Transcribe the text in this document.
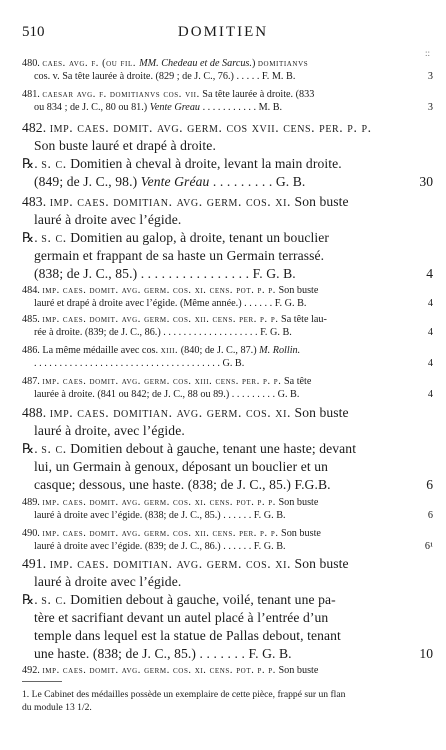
510	DOMITIEN
::
480. caes. avg. f. (ou fil. MM. Chedeau et de Sarcus.) domitianvs
cos. v. Sa tête laurée à droite. (829 ; de J. C., 76.) . . . . . F. M. B.	3
481. caesar avg. f. domitianvs cos. vii. Sa tête laurée à droite. (833
ou 834 ; de J. C., 80 ou 81.) Vente Greau . . . . . . . . . . . M. B.	3
482. imp. caes. domit. avg. germ. cos xvii. cens. per. p. p.
Son buste lauré et drapé à droite.
℞. s. c. Domitien à cheval à droite, levant la main droite.
(849; de J. C., 98.) Vente Gréau . . . . . . . . . G. B.	30
483. imp. caes. domitian. avg. germ. cos. xi. Son buste
lauré à droite avec l’égide.
℞. s. c. Domitien au galop, à droite, tenant un bouclier
germain et frappant de sa haste un Germain terrassé.
(838; de J. C., 85.) . . . . . . . . . . . . . . . . F. G. B.	4
484. imp. caes. domit. avg. germ. cos. xi. cens. pot. p. p. Son buste
lauré et drapé à droite avec l’égide. (Même année.) . . . . . . F. G. B.	4
485. imp. caes. domit. avg. germ. cos. xii. cens. per. p. p. Sa tête lau-
rée à droite. (839; de J. C., 86.) . . . . . . . . . . . . . . . . . . . F. G. B.	4
486. La même médaille avec cos. xiii. (840; de J. C., 87.) M. Rollin.
. . . . . . . . . . . . . . . . . . . . . . . . . . . . . . . . . . . . . G. B.	4
487. imp. caes. domit. avg. germ. cos. xiii. cens. per. p. p. Sa tête
laurée à droite. (841 ou 842; de J. C., 88 ou 89.) . . . . . . . . . G. B.	4
488. imp. caes. domitian. avg. germ. cos. xi. Son buste
lauré à droite, avec l’égide.
℞. s. c. Domitien debout à gauche, tenant une haste; devant
lui, un Germain à genoux, déposant un bouclier et un
casque; dessous, une haste. (838; de J. C., 85.) F.G.B.	6
489. imp. caes. domit. avg. germ. cos. xi. cens. pot. p. p. Son buste
lauré à droite avec l’égide. (838; de J. C., 85.) . . . . . . F. G. B.	6
490. imp. caes. domit. avg. germ. cos. xii. cens. per. p. p. Son buste
lauré à droite avec l’égide. (839; de J. C., 86.) . . . . . . F. G. B.	6¹
491. imp. caes. domitian. avg. germ. cos. xi. Son buste
lauré à droite avec l’égide.
℞. s. c. Domitien debout à gauche, voilé, tenant une pa-
tère et sacrifiant devant un autel placé à l’entrée d’un
temple dans lequel est la statue de Pallas debout, tenant
une haste. (838; de J. C., 85.) . . . . . . . F. G. B.	10
492. imp. caes. domit. avg. germ. cos. xi. cens. pot. p. p. Son buste
1. Le Cabinet des médailles possède un exemplaire de cette pièce, frappé sur un flan
du module 13 1/2.
